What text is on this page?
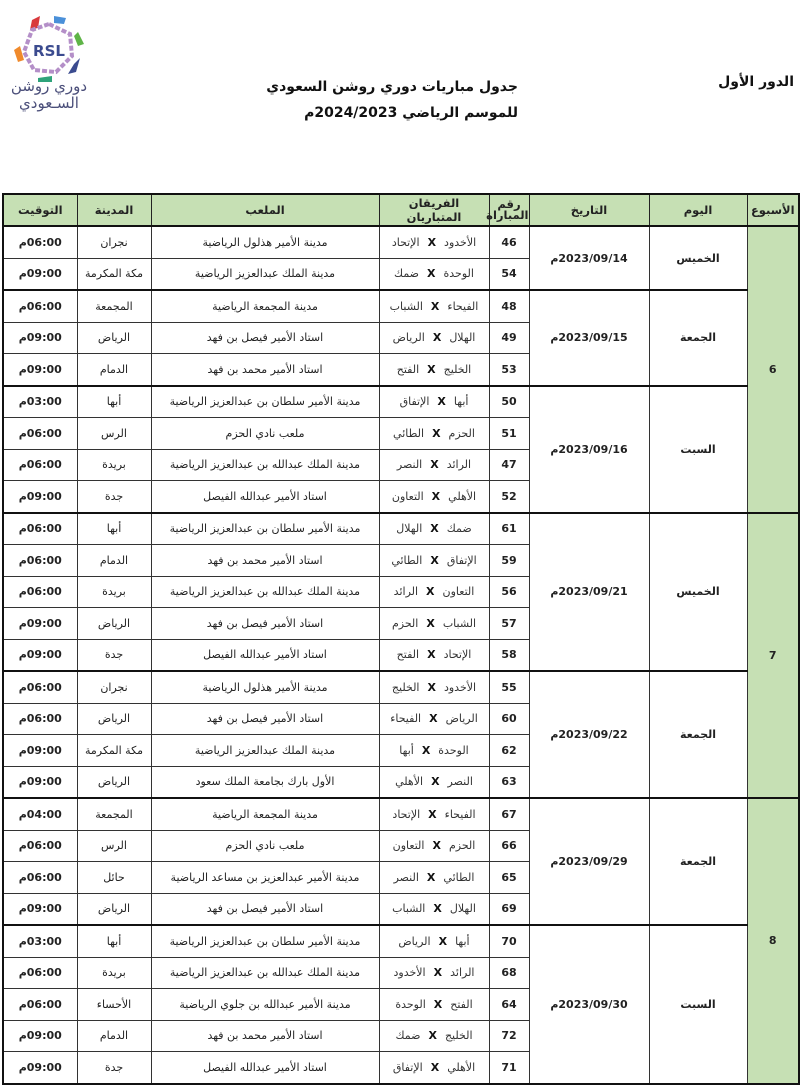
RSL
دوري روشن
السـعودي
الدور الأول
جدول مباريات دوري روشن السعودي
للموسم الرياضي 2024/2023م
الأسبوع	اليوم	التاريخ	رقم المباراة	الفريقان المتباريان	الملعب	المدينة	التوقيت
6	الخميس	2023/09/14م	46	الأخدودXالإتحاد	مدينة الأمير هذلول الرياضية	نجران	06:00م
			54	الوحدةXضمك	مدينة الملك عبدالعزيز الرياضية	مكة المكرمة	09:00م
	الجمعة	2023/09/15م	48	الفيحاءXالشباب	مدينة المجمعة الرياضية	المجمعة	06:00م
			49	الهلالXالرياض	استاد الأمير فيصل بن فهد	الرياض	09:00م
			53	الخليجXالفتح	استاد الأمير محمد بن فهد	الدمام	09:00م
	السبت	2023/09/16م	50	أبهاXالإتفاق	مدينة الأمير سلطان بن عبدالعزيز الرياضية	أبها	03:00م
			51	الحزمXالطائي	ملعب نادي الحزم	الرس	06:00م
			47	الرائدXالنصر	مدينة الملك عبدالله بن عبدالعزيز الرياضية	بريدة	06:00م
			52	الأهليXالتعاون	استاد الأمير عبدالله الفيصل	جدة	09:00م
7	الخميس	2023/09/21م	61	ضمكXالهلال	مدينة الأمير سلطان بن عبدالعزيز الرياضية	أبها	06:00م
			59	الإتفاقXالطائي	استاد الأمير محمد بن فهد	الدمام	06:00م
			56	التعاونXالرائد	مدينة الملك عبدالله بن عبدالعزيز الرياضية	بريدة	06:00م
			57	الشبابXالحزم	استاد الأمير فيصل بن فهد	الرياض	09:00م
			58	الإتحادXالفتح	استاد الأمير عبدالله الفيصل	جدة	09:00م
	الجمعة	2023/09/22م	55	الأخدودXالخليج	مدينة الأمير هذلول الرياضية	نجران	06:00م
			60	الرياضXالفيحاء	استاد الأمير فيصل بن فهد	الرياض	06:00م
			62	الوحدةXأبها	مدينة الملك عبدالعزيز الرياضية	مكة المكرمة	09:00م
			63	النصرXالأهلي	الأول بارك بجامعة الملك سعود	الرياض	09:00م
8	الجمعة	2023/09/29م	67	الفيحاءXالإتحاد	مدينة المجمعة الرياضية	المجمعة	04:00م
			66	الحزمXالتعاون	ملعب نادي الحزم	الرس	06:00م
			65	الطائيXالنصر	مدينة الأمير عبدالعزيز بن مساعد الرياضية	حائل	06:00م
			69	الهلالXالشباب	استاد الأمير فيصل بن فهد	الرياض	09:00م
	السبت	2023/09/30م	70	أبهاXالرياض	مدينة الأمير سلطان بن عبدالعزيز الرياضية	أبها	03:00م
			68	الرائدXالأخدود	مدينة الملك عبدالله بن عبدالعزيز الرياضية	بريدة	06:00م
			64	الفتحXالوحدة	مدينة الأمير عبدالله بن جلوي الرياضية	الأحساء	06:00م
			72	الخليجXضمك	استاد الأمير محمد بن فهد	الدمام	09:00م
			71	الأهليXالإتفاق	استاد الأمير عبدالله الفيصل	جدة	09:00م
